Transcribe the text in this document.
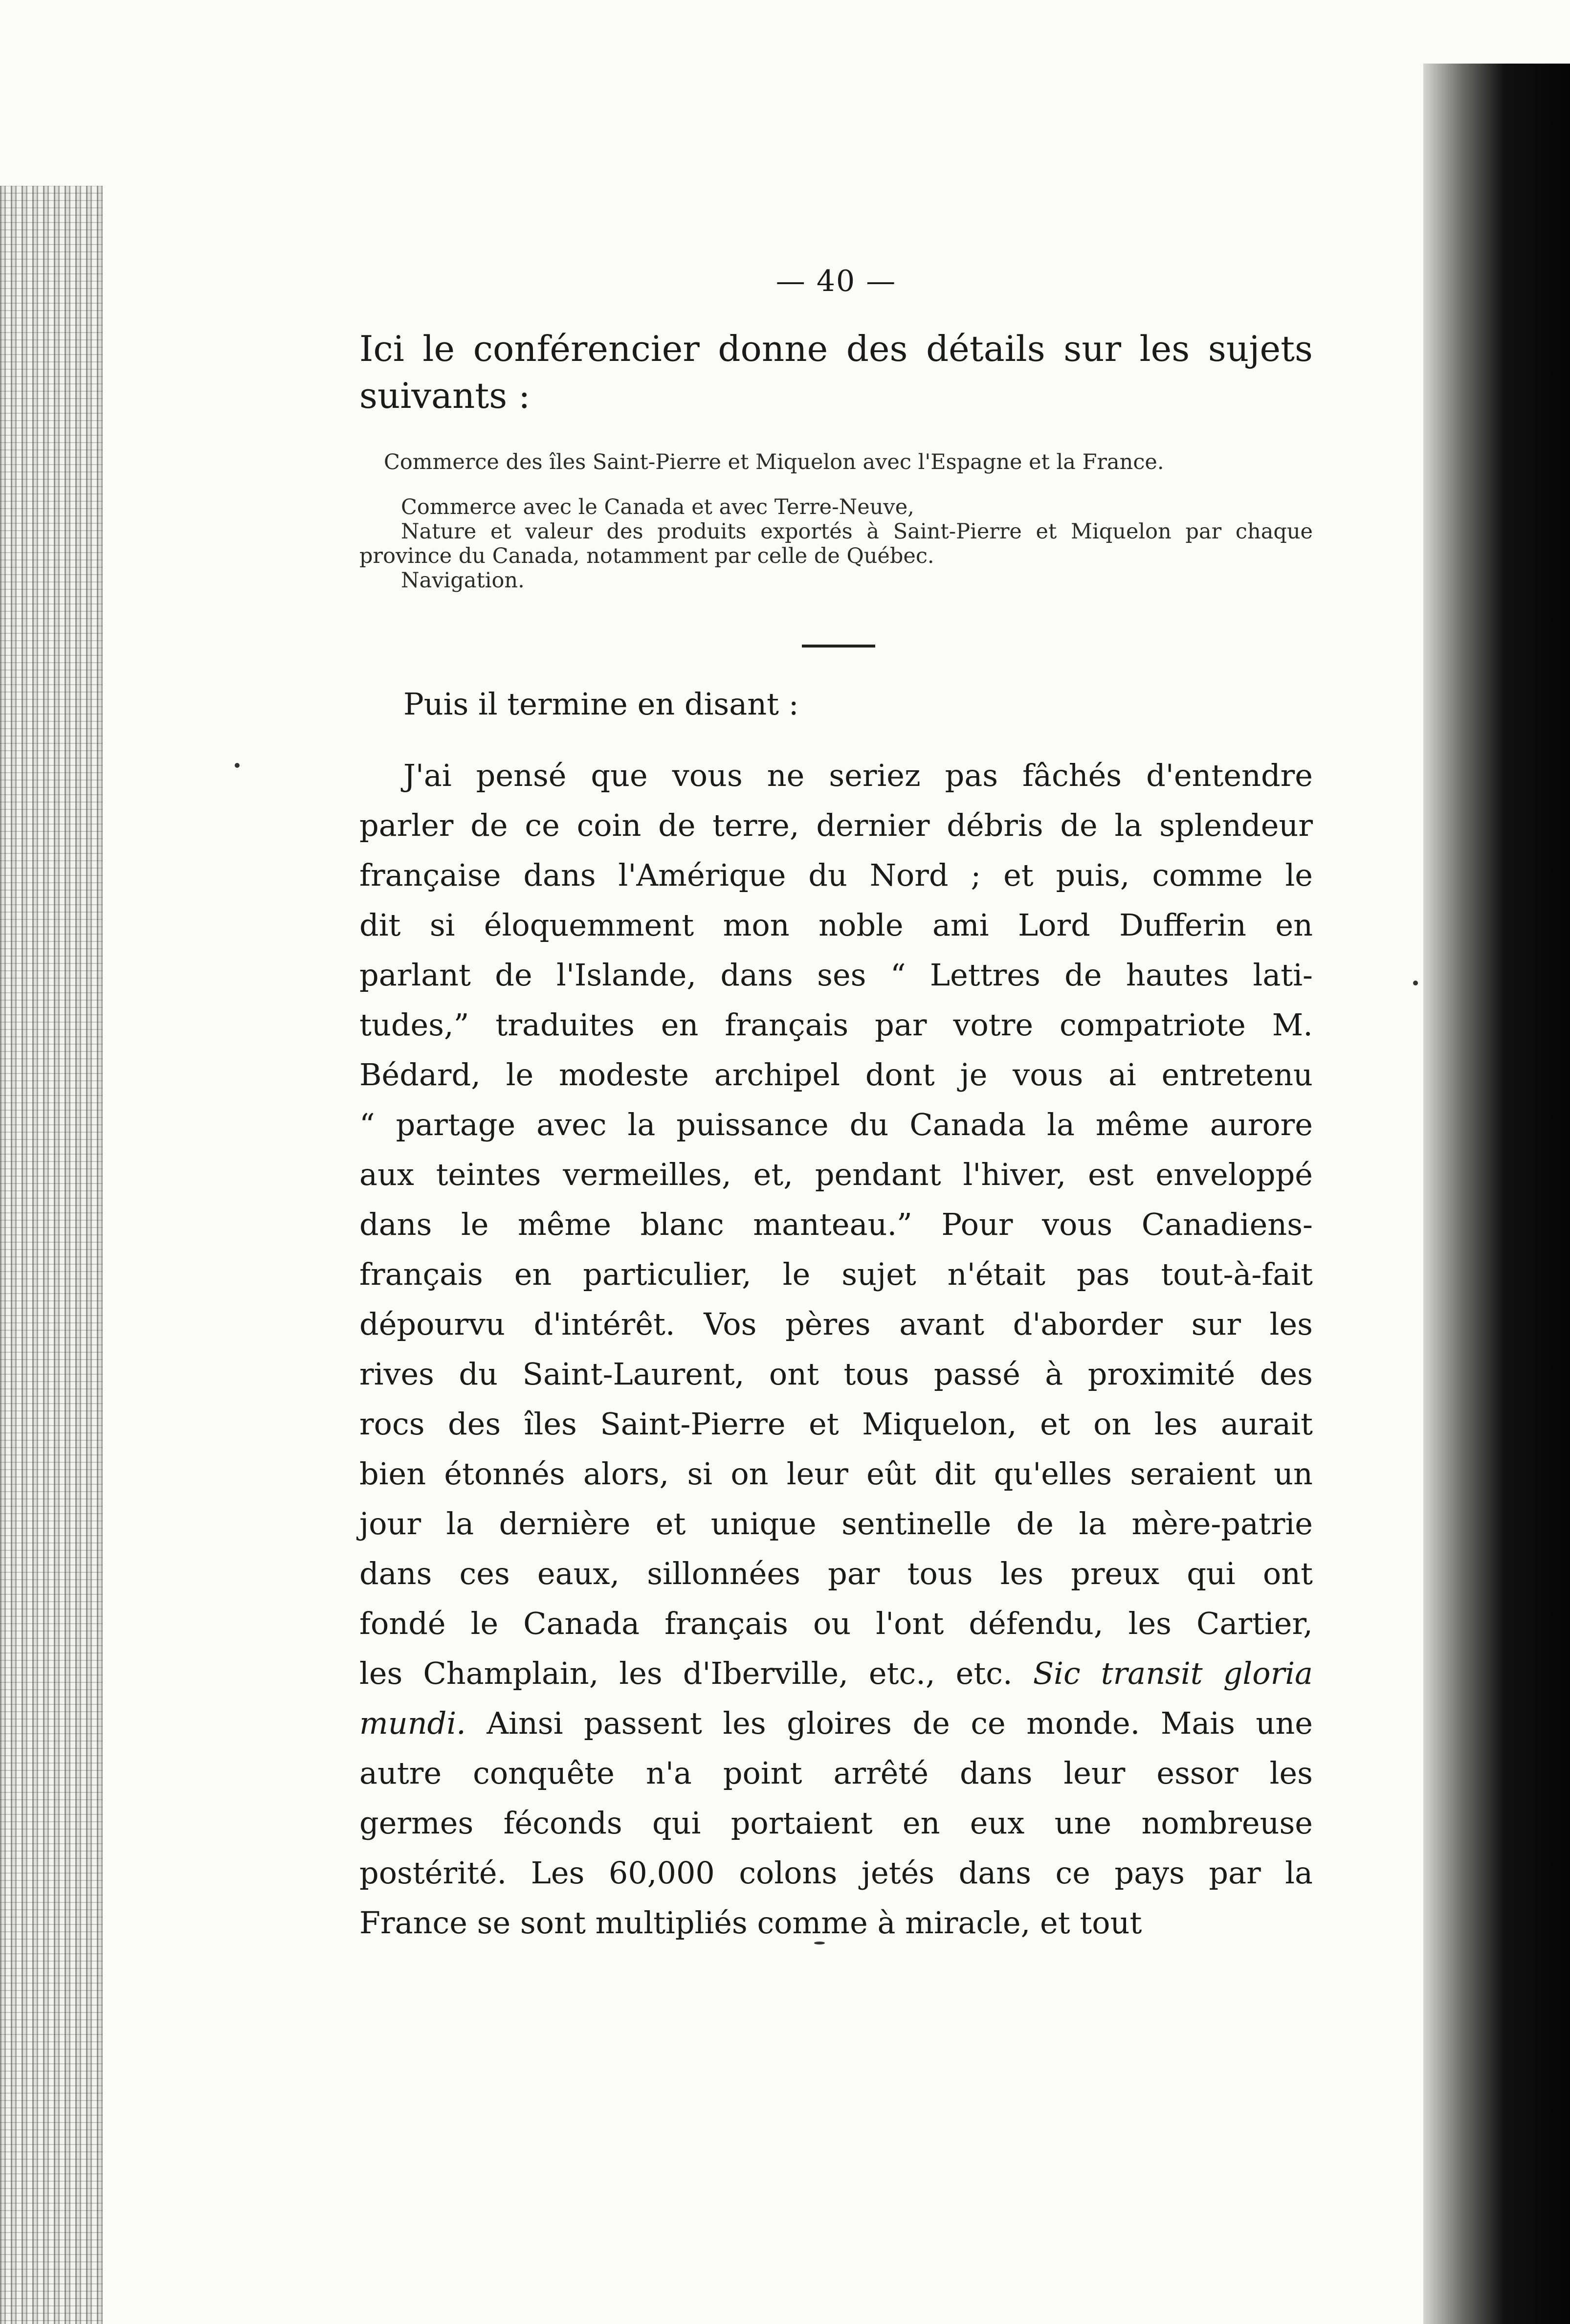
— 40 —
Ici le conférencier donne des détails sur les sujets suivants :

Commerce des îles Saint-Pierre et Miquelon avec l'Espagne et la France.

Commerce avec le Canada et avec Terre-Neuve,

Nature et valeur des produits exportés à Saint-Pierre et Miquelon par chaque province du Canada, notamment par celle de Québec.

Navigation.

Puis il termine en disant :
J'ai pensé que vous ne seriez pas fâchés d'entendre
parler de ce coin de terre, dernier débris de la splendeur
française dans l'Amérique du Nord ; et puis, comme le
dit si éloquemment mon noble ami Lord Dufferin en
parlant de l'Islande, dans ses “ Lettres de hautes lati-
tudes,” traduites en français par votre compatriote M.
Bédard, le modeste archipel dont je vous ai entretenu
“ partage avec la puissance du Canada la même aurore
aux teintes vermeilles, et, pendant l'hiver, est enveloppé
dans le même blanc manteau.” Pour vous Canadiens-
français en particulier, le sujet n'était pas tout-à-fait
dépourvu d'intérêt. Vos pères avant d'aborder sur les
rives du Saint-Laurent, ont tous passé à proximité des
rocs des îles Saint-Pierre et Miquelon, et on les aurait
bien étonnés alors, si on leur eût dit qu'elles seraient un
jour la dernière et unique sentinelle de la mère-patrie
dans ces eaux, sillonnées par tous les preux qui ont
fondé le Canada français ou l'ont défendu, les Cartier,
les Champlain, les d'Iberville, etc., etc. Sic transit gloria
mundi. Ainsi passent les gloires de ce monde. Mais une
autre conquête n'a point arrêté dans leur essor les
germes féconds qui portaient en eux une nombreuse
postérité. Les 60,000 colons jetés dans ce pays par la
France se sont multipliés comme à miracle, et tout
